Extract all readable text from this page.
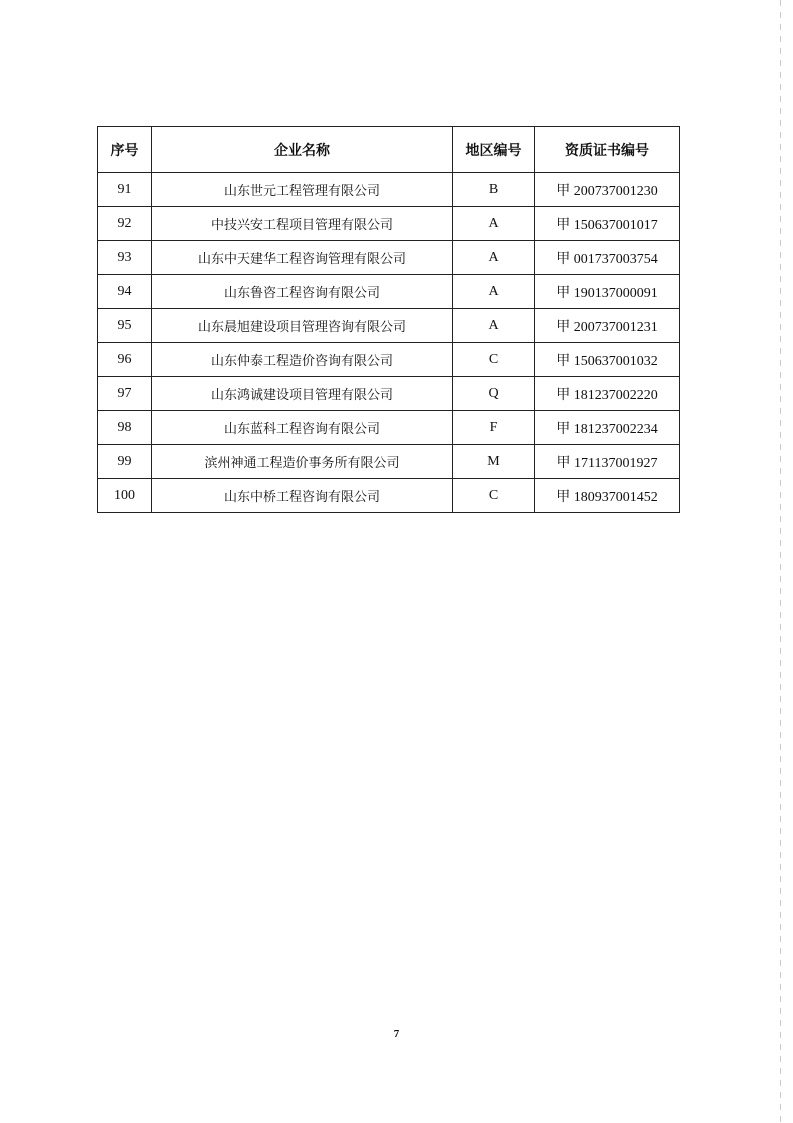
序号	企业名称	地区编号	资质证书编号
91	山东世元工程管理有限公司	B	甲 200737001230
92	中技兴安工程项目管理有限公司	A	甲 150637001017
93	山东中天建华工程咨询管理有限公司	A	甲 001737003754
94	山东鲁咨工程咨询有限公司	A	甲 190137000091
95	山东晨旭建设项目管理咨询有限公司	A	甲 200737001231
96	山东仲泰工程造价咨询有限公司	C	甲 150637001032
97	山东鸿诚建设项目管理有限公司	Q	甲 181237002220
98	山东蓝科工程咨询有限公司	F	甲 181237002234
99	滨州神通工程造价事务所有限公司	M	甲 171137001927
100	山东中桥工程咨询有限公司	C	甲 180937001452
7
